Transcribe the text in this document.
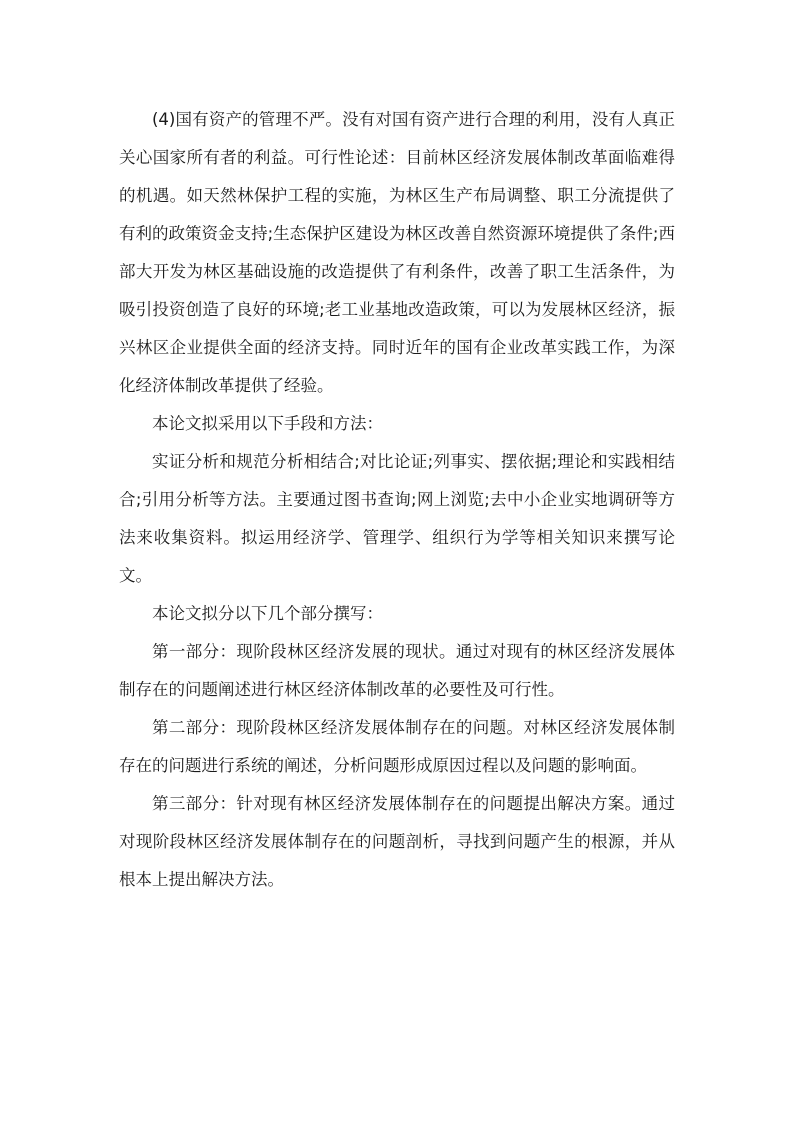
(4)国有资产的管理不严。没有对国有资产进行合理的利用，没有人真正关心国家所有者的利益。可行性论述：目前林区经济发展体制改革面临难得的机遇。如天然林保护工程的实施，为林区生产布局调整、职工分流提供了有利的政策资金支持;生态保护区建设为林区改善自然资源环境提供了条件;西部大开发为林区基础设施的改造提供了有利条件，改善了职工生活条件，为吸引投资创造了良好的环境;老工业基地改造政策，可以为发展林区经济，振兴林区企业提供全面的经济支持。同时近年的国有企业改革实践工作，为深化经济体制改革提供了经验。

本论文拟采用以下手段和方法：

实证分析和规范分析相结合;对比论证;列事实、摆依据;理论和实践相结合;引用分析等方法。主要通过图书查询;网上浏览;去中小企业实地调研等方法来收集资料。拟运用经济学、管理学、组织行为学等相关知识来撰写论文。

本论文拟分以下几个部分撰写：

第一部分：现阶段林区经济发展的现状。通过对现有的林区经济发展体制存在的问题阐述进行林区经济体制改革的必要性及可行性。

第二部分：现阶段林区经济发展体制存在的问题。对林区经济发展体制存在的问题进行系统的阐述，分析问题形成原因过程以及问题的影响面。

第三部分：针对现有林区经济发展体制存在的问题提出解决方案。通过对现阶段林区经济发展体制存在的问题剖析，寻找到问题产生的根源，并从根本上提出解决方法。
